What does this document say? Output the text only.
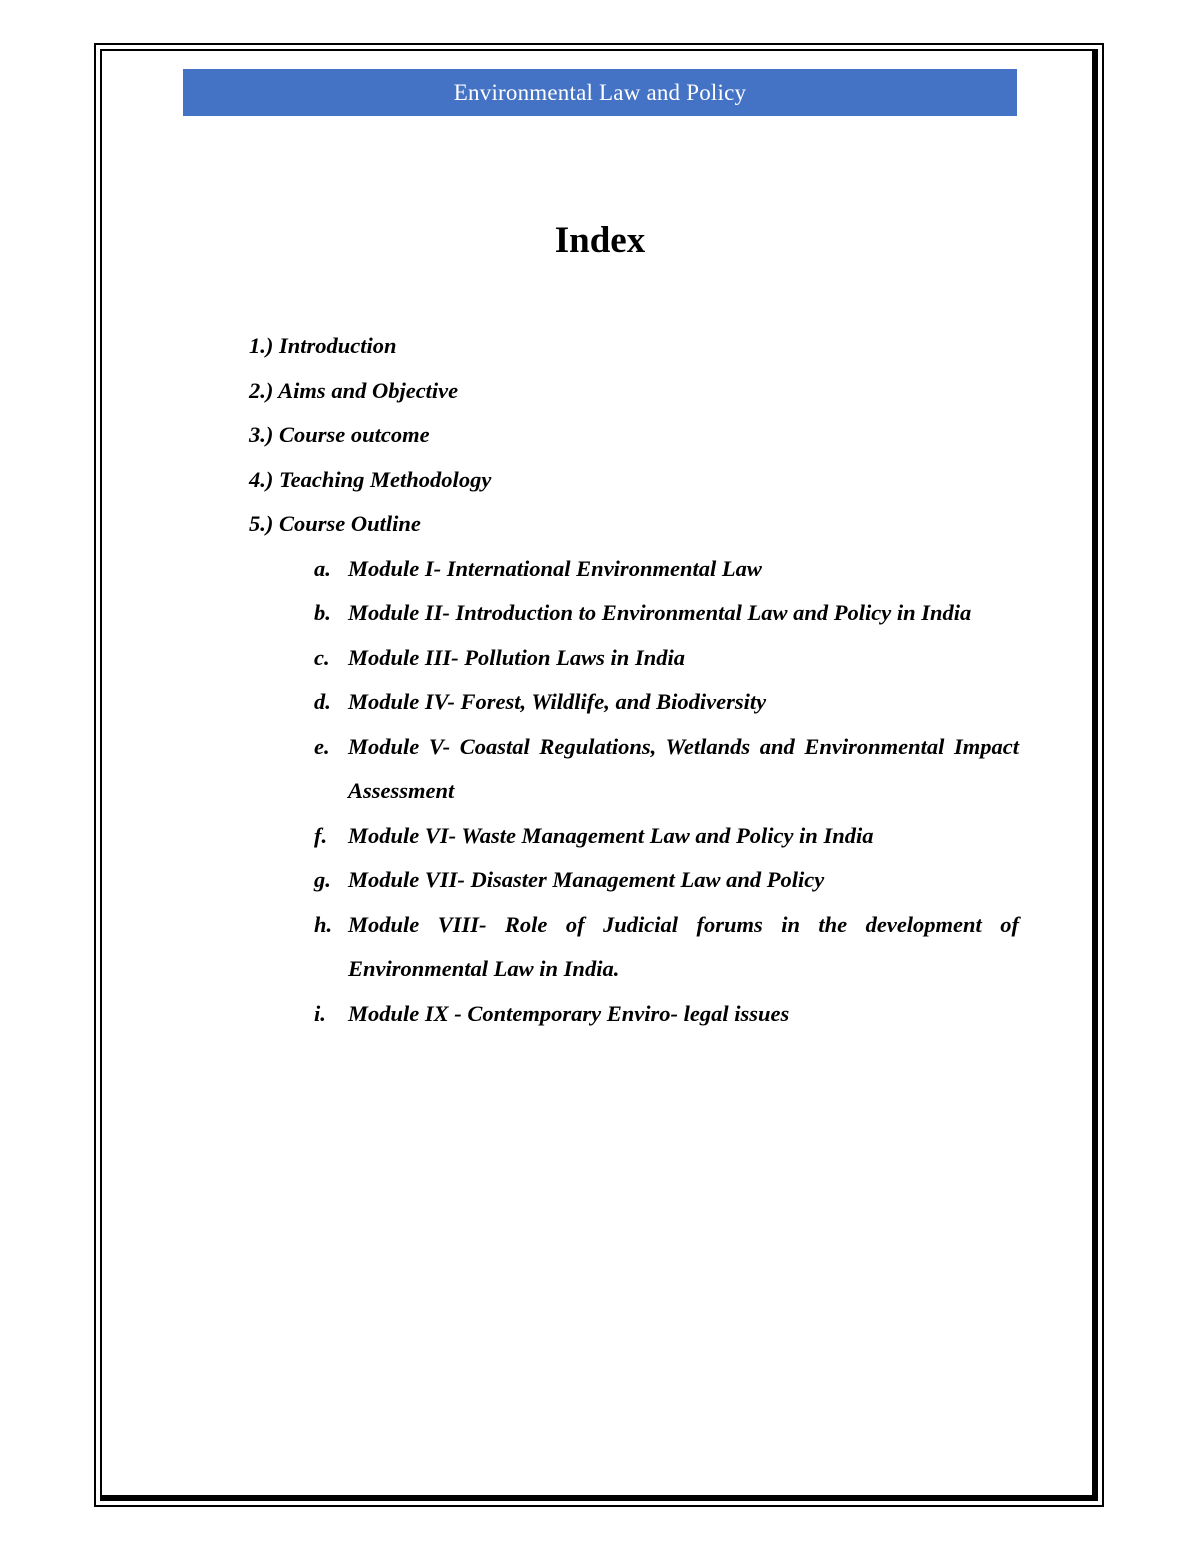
Environmental Law and Policy
Index
1.) Introduction
2.) Aims and Objective
3.) Course outcome
4.) Teaching Methodology
5.) Course Outline
a. Module I- International Environmental Law
b. Module II- Introduction to Environmental Law and Policy in India
c. Module III- Pollution Laws in India
d. Module IV- Forest, Wildlife, and Biodiversity
e. Module V- Coastal Regulations, Wetlands and Environmental Impact Assessment
f. Module VI- Waste Management Law and Policy in India
g. Module VII- Disaster Management Law and Policy
h. Module VIII- Role of Judicial forums in the development of Environmental Law in India.
i. Module IX - Contemporary Enviro- legal issues
